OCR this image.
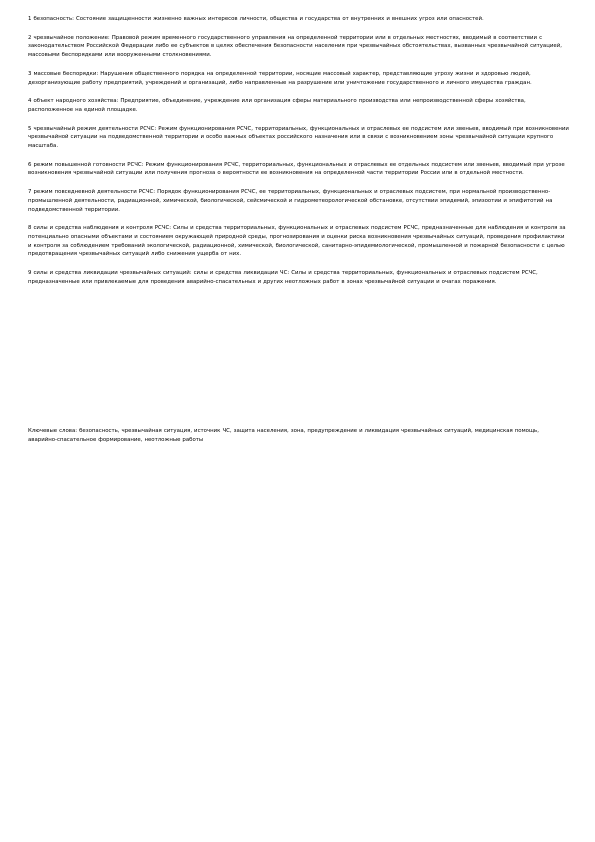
1 безопасность: Состояние защищенности жизненно важных интересов личности, общества и государства от внутренних и внешних угроз или опасностей.

2 чрезвычайное положение: Правовой режим временного государственного управления на определенной территории или в отдельных местностях, вводимый в соответствии с законодательством Российской Федерации либо ее субъектов в целях обеспечения безопасности населения при чрезвычайных обстоятельствах, вызванных чрезвычайной ситуацией, массовыми беспорядками или вооруженными столкновениями.

3 массовые беспорядки: Нарушения общественного порядка на определенной территории, носящие массовый характер, представляющие угрозу жизни и здоровью людей, дезорганизующие работу предприятий, учреждений и организаций, либо направленные на разрушение или уничтожение государственного и личного имущества граждан.

4 объект народного хозяйства: Предприятие, объединение, учреждение или организация сферы материального производства или непроизводственной сферы хозяйства, расположенное на единой площадке.

5 чрезвычайный режим деятельности РСЧС: Режим функционирования РСЧС, территориальных, функциональных и отраслевых ее подсистем или звеньев, вводимый при возникновении чрезвычайной ситуации на подведомственной территории и особо важных объектах российского назначения или в связи с возникновением зоны чрезвычайной ситуации крупного масштаба.

6 режим повышенной готовности РСЧС: Режим функционирования РСЧС, территориальных, функциональных и отраслевых ее отдельных подсистем или звеньев, вводимый при угрозе возникновения чрезвычайной ситуации или получения прогноза о вероятности ее возникновения на определенной части территории России или в отдельной местности.

7 режим повседневной деятельности РСЧС: Порядок функционирования РСЧС, ее территориальных, функциональных и отраслевых подсистем, при нормальной производственно-промышленной деятельности, радиационной, химической, биологической, сейсмической и гидрометеорологической обстановке, отсутствии эпидемий, эпизоотии и эпифитотий на подведомственной территории.

8 силы и средства наблюдения и контроля РСЧС: Силы и средства территориальных, функциональных и отраслевых подсистем РСЧС, предназначенные для наблюдения и контроля за потенциально опасными объектами и состоянием окружающей природной среды, прогнозирования и оценки риска возникновения чрезвычайных ситуаций, проведения профилактики и контроля за соблюдением требований экологической, радиационной, химической, биологической, санитарно-эпидемиологической, промышленной и пожарной безопасности с целью предотвращения чрезвычайных ситуаций либо снижения ущерба от них.

9 силы и средства ликвидации чрезвычайных ситуаций: силы и средства ликвидации ЧС: Силы и средства территориальных, функциональных и отраслевых подсистем РСЧС, предназначенные или привлекаемые для проведения аварийно-спасательных и других неотложных работ в зонах чрезвычайной ситуации и очагах поражения.

Ключевые слова: безопасность, чрезвычайная ситуация, источник ЧС, защита населения, зона, предупреждение и ликвидация чрезвычайных ситуаций, медицинская помощь, аварийно-спасательное формирование, неотложные работы
